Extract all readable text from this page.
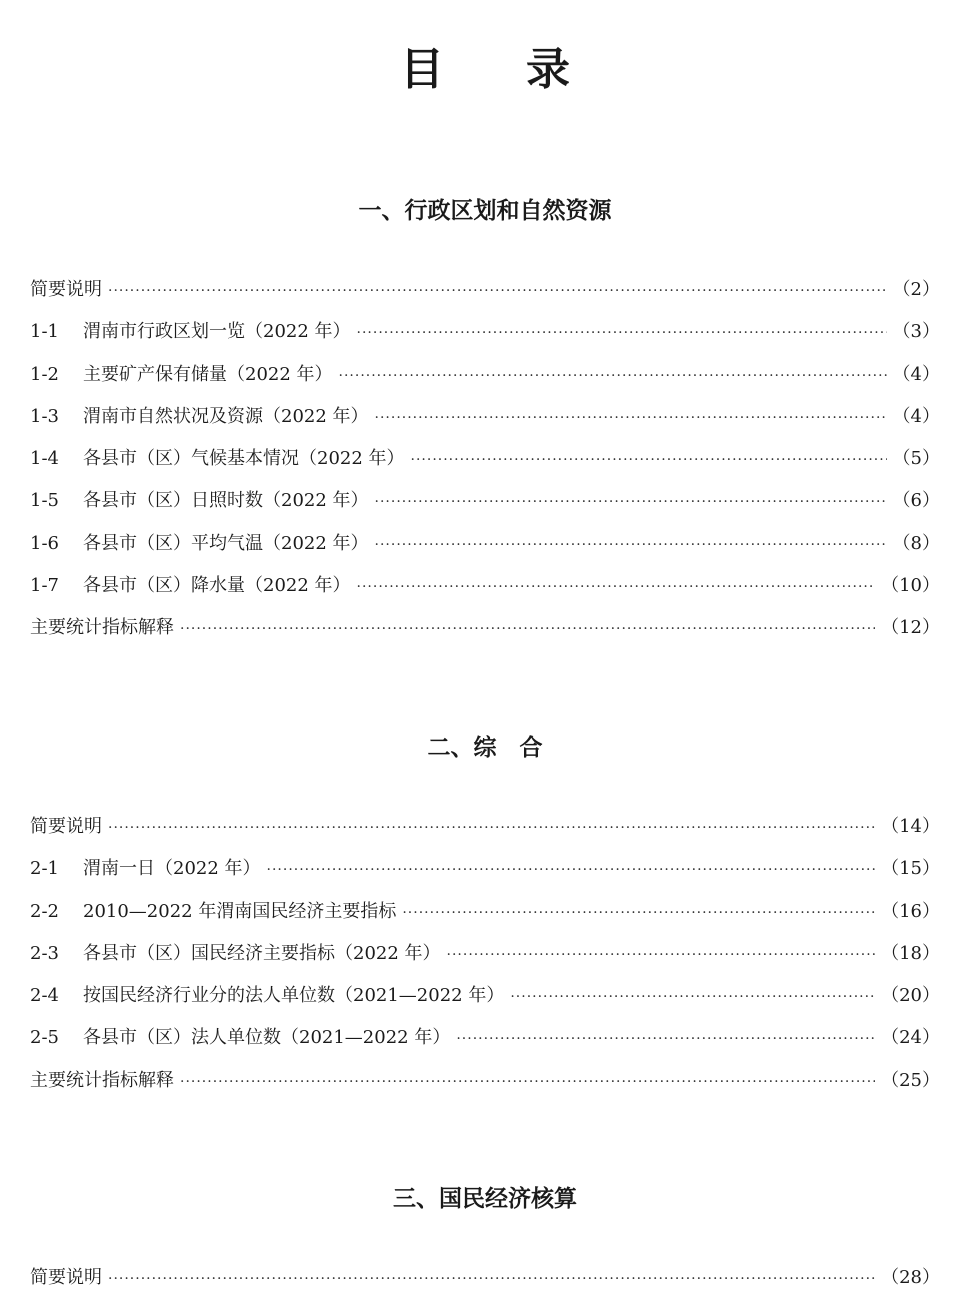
目录
一、行政区划和自然资源
简要说明 ·····	（2）
1-1	渭南市行政区划一览（2022 年） ·····	（3）
1-2	主要矿产保有储量（2022 年） ·····	（4）
1-3	渭南市自然状况及资源（2022 年） ·····	（4）
1-4	各县市（区）气候基本情况（2022 年） ·····	（5）
1-5	各县市（区）日照时数（2022 年） ·····	（6）
1-6	各县市（区）平均气温（2022 年） ·····	（8）
1-7	各县市（区）降水量（2022 年） ·····	（10）
主要统计指标解释 ·····	（12）
二、综　合
简要说明 ·····	（14）
2-1	渭南一日（2022 年） ·····	（15）
2-2	2010—2022 年渭南国民经济主要指标 ·····	（16）
2-3	各县市（区）国民经济主要指标（2022 年） ·····	（18）
2-4	按国民经济行业分的法人单位数（2021—2022 年） ·····	（20）
2-5	各县市（区）法人单位数（2021—2022 年） ·····	（24）
主要统计指标解释 ·····	（25）
三、国民经济核算
简要说明 ·····	（28）
